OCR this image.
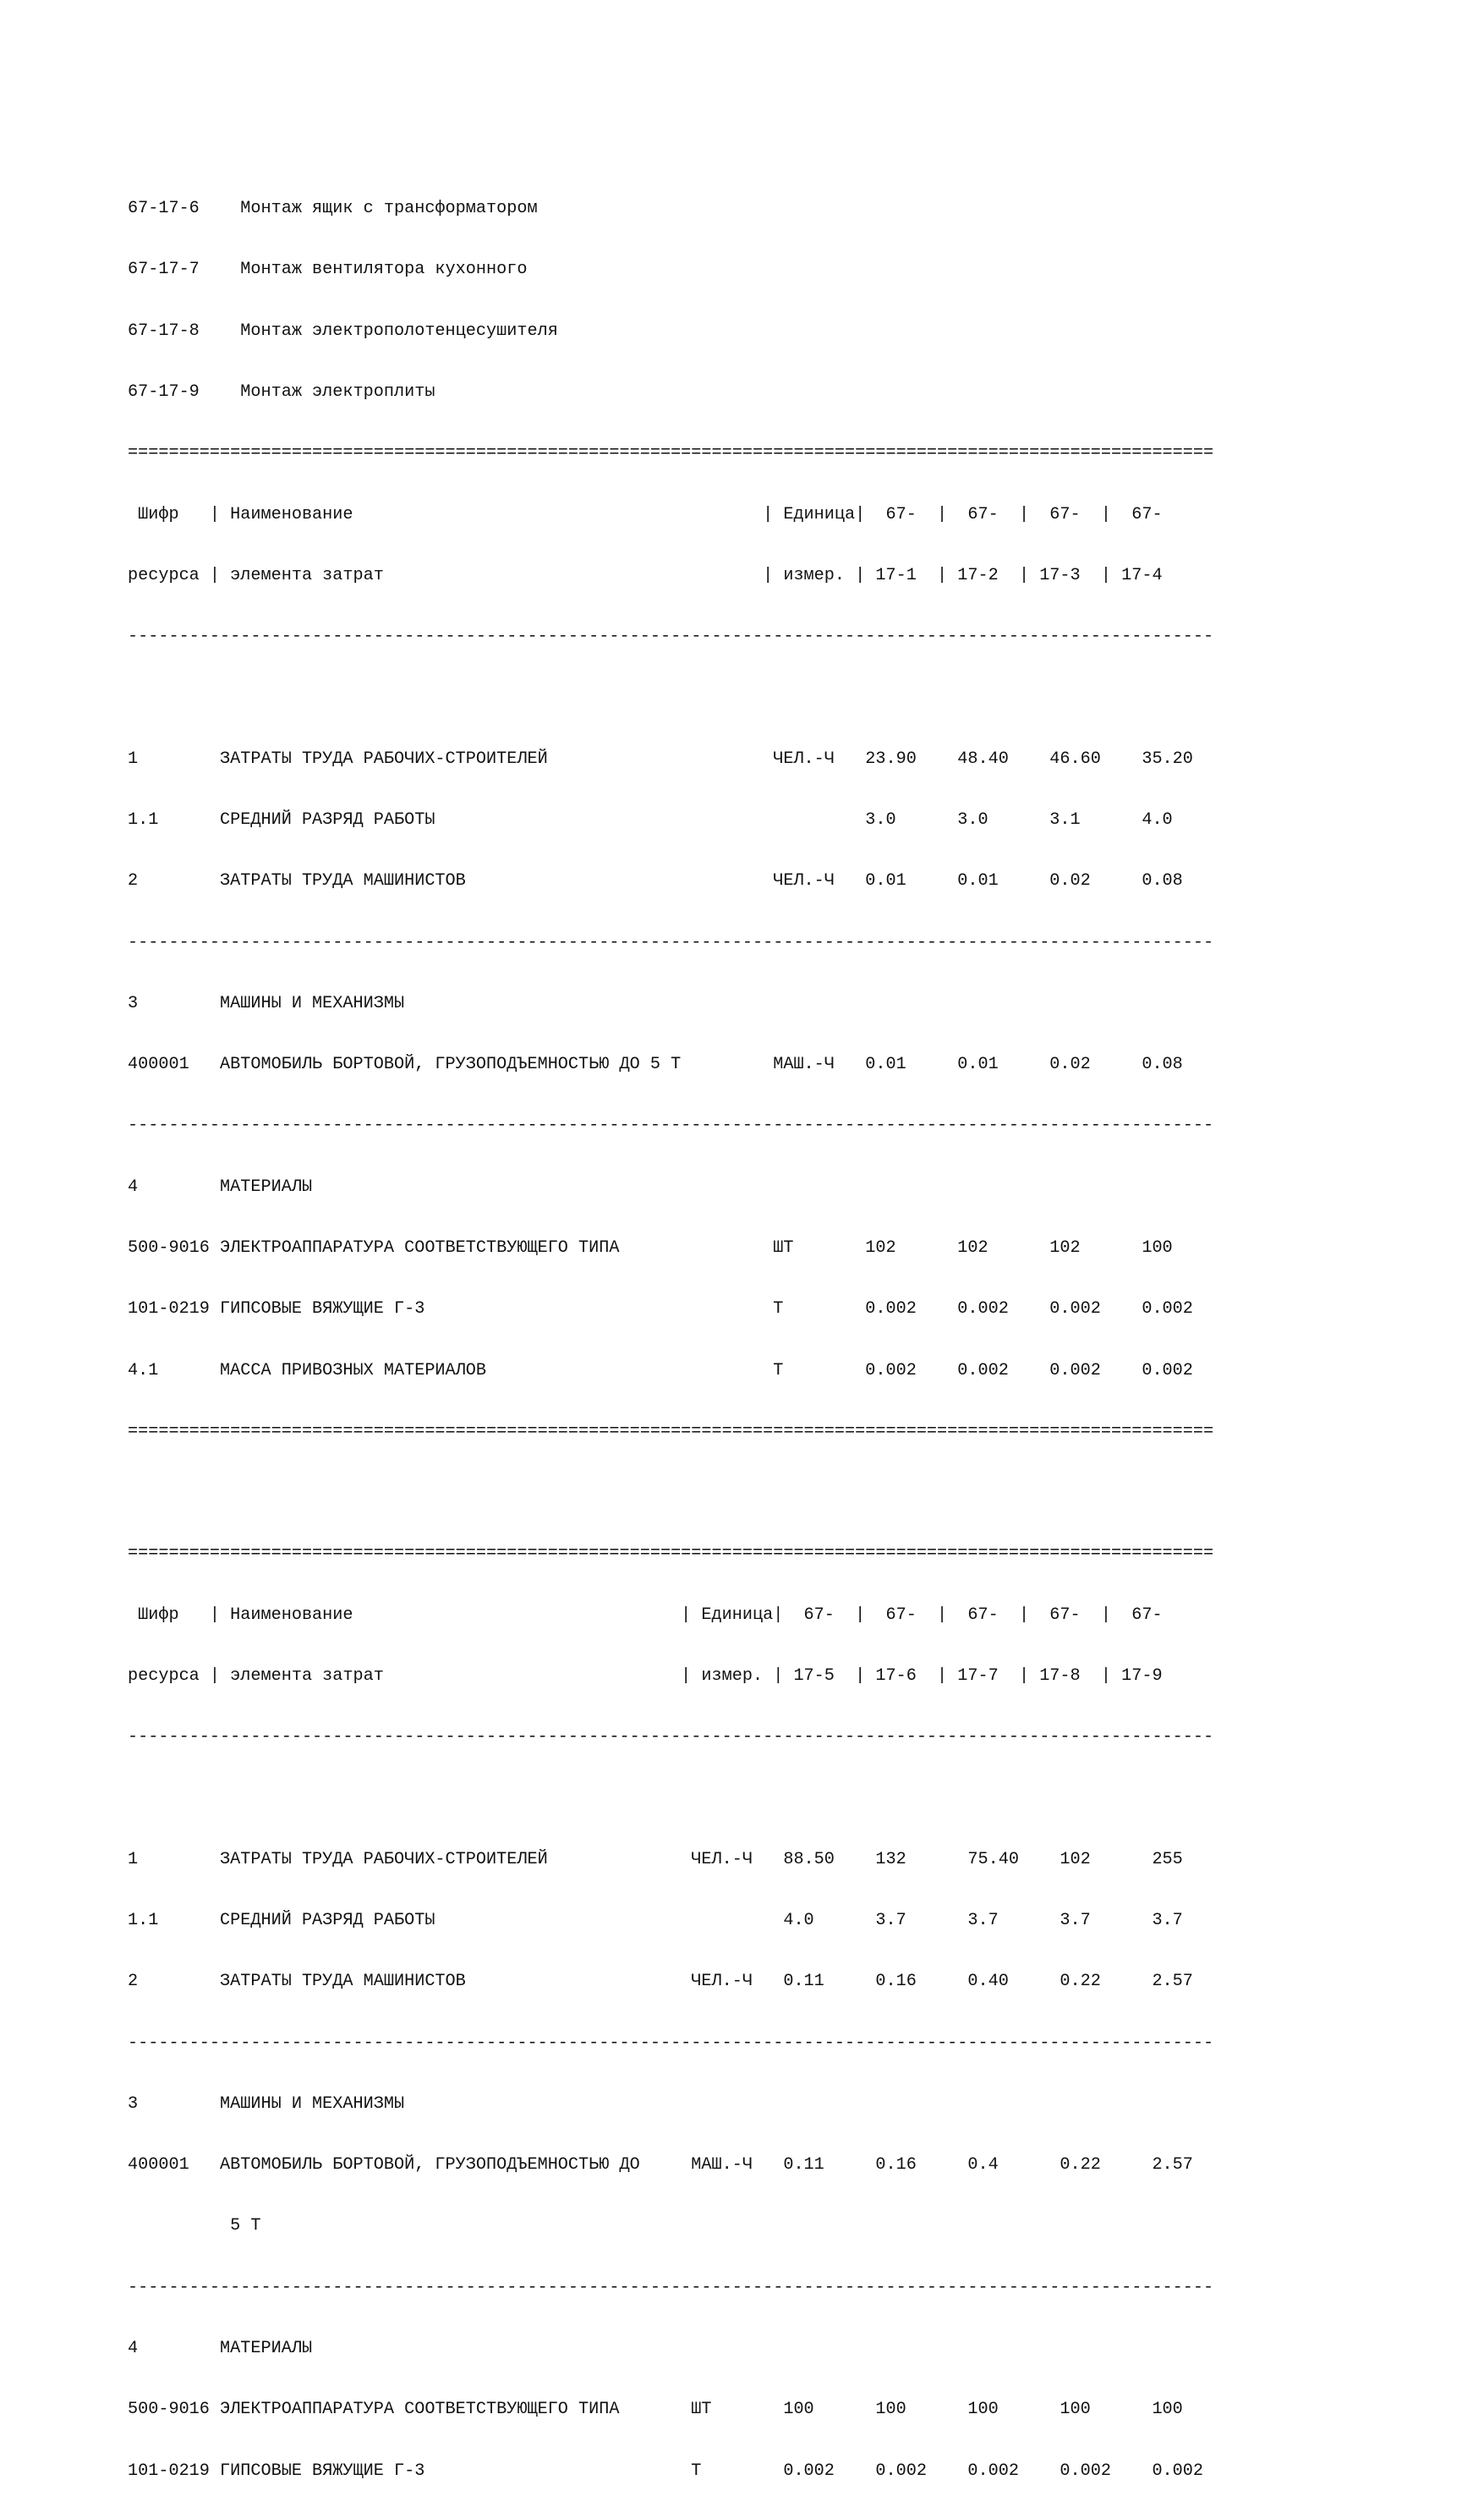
67-17-6    Монтаж ящик с трансформатором

67-17-7    Монтаж вентилятора кухонного

67-17-8    Монтаж электрополотенцесушителя

67-17-9    Монтаж электроплиты

==========================================================================================================

Шифр   | Наименование                                        | Единица|  67-  |  67-  |  67-  |  67-

ресурса | элемента затрат                                     | измер. | 17-1  | 17-2  | 17-3  | 17-4

----------------------------------------------------------------------------------------------------------

1        ЗАТРАТЫ ТРУДА РАБОЧИХ-СТРОИТЕЛЕЙ                      ЧЕЛ.-Ч   23.90    48.40    46.60    35.20

1.1      СРЕДНИЙ РАЗРЯД РАБОТЫ                                          3.0      3.0      3.1      4.0

2        ЗАТРАТЫ ТРУДА МАШИНИСТОВ                              ЧЕЛ.-Ч   0.01     0.01     0.02     0.08

----------------------------------------------------------------------------------------------------------

3        МАШИНЫ И МЕХАНИЗМЫ

400001   АВТОМОБИЛЬ БОРТОВОЙ, ГРУЗОПОДЪЕМНОСТЬЮ ДО 5 Т         МАШ.-Ч   0.01     0.01     0.02     0.08

----------------------------------------------------------------------------------------------------------

4        МАТЕРИАЛЫ

500-9016 ЭЛЕКТРОАППАРАТУРА СООТВЕТСТВУЮЩЕГО ТИПА               ШТ       102      102      102      100

101-0219 ГИПСОВЫЕ ВЯЖУЩИЕ Г-3                                  Т        0.002    0.002    0.002    0.002

4.1      МАССА ПРИВОЗНЫХ МАТЕРИАЛОВ                            Т        0.002    0.002    0.002    0.002

==========================================================================================================

==========================================================================================================

Шифр   | Наименование                                | Единица|  67-  |  67-  |  67-  |  67-  |  67-

ресурса | элемента затрат                             | измер. | 17-5  | 17-6  | 17-7  | 17-8  | 17-9

----------------------------------------------------------------------------------------------------------

1        ЗАТРАТЫ ТРУДА РАБОЧИХ-СТРОИТЕЛЕЙ              ЧЕЛ.-Ч   88.50    132      75.40    102      255

1.1      СРЕДНИЙ РАЗРЯД РАБОТЫ                                  4.0      3.7      3.7      3.7      3.7

2        ЗАТРАТЫ ТРУДА МАШИНИСТОВ                      ЧЕЛ.-Ч   0.11     0.16     0.40     0.22     2.57

----------------------------------------------------------------------------------------------------------

3        МАШИНЫ И МЕХАНИЗМЫ

400001   АВТОМОБИЛЬ БОРТОВОЙ, ГРУЗОПОДЪЕМНОСТЬЮ ДО     МАШ.-Ч   0.11     0.16     0.4      0.22     2.57

5 Т

----------------------------------------------------------------------------------------------------------

4        МАТЕРИАЛЫ

500-9016 ЭЛЕКТРОАППАРАТУРА СООТВЕТСТВУЮЩЕГО ТИПА       ШТ       100      100      100      100      100

101-0219 ГИПСОВЫЕ ВЯЖУЩИЕ Г-3                          Т        0.002    0.002    0.002    0.002    0.002
